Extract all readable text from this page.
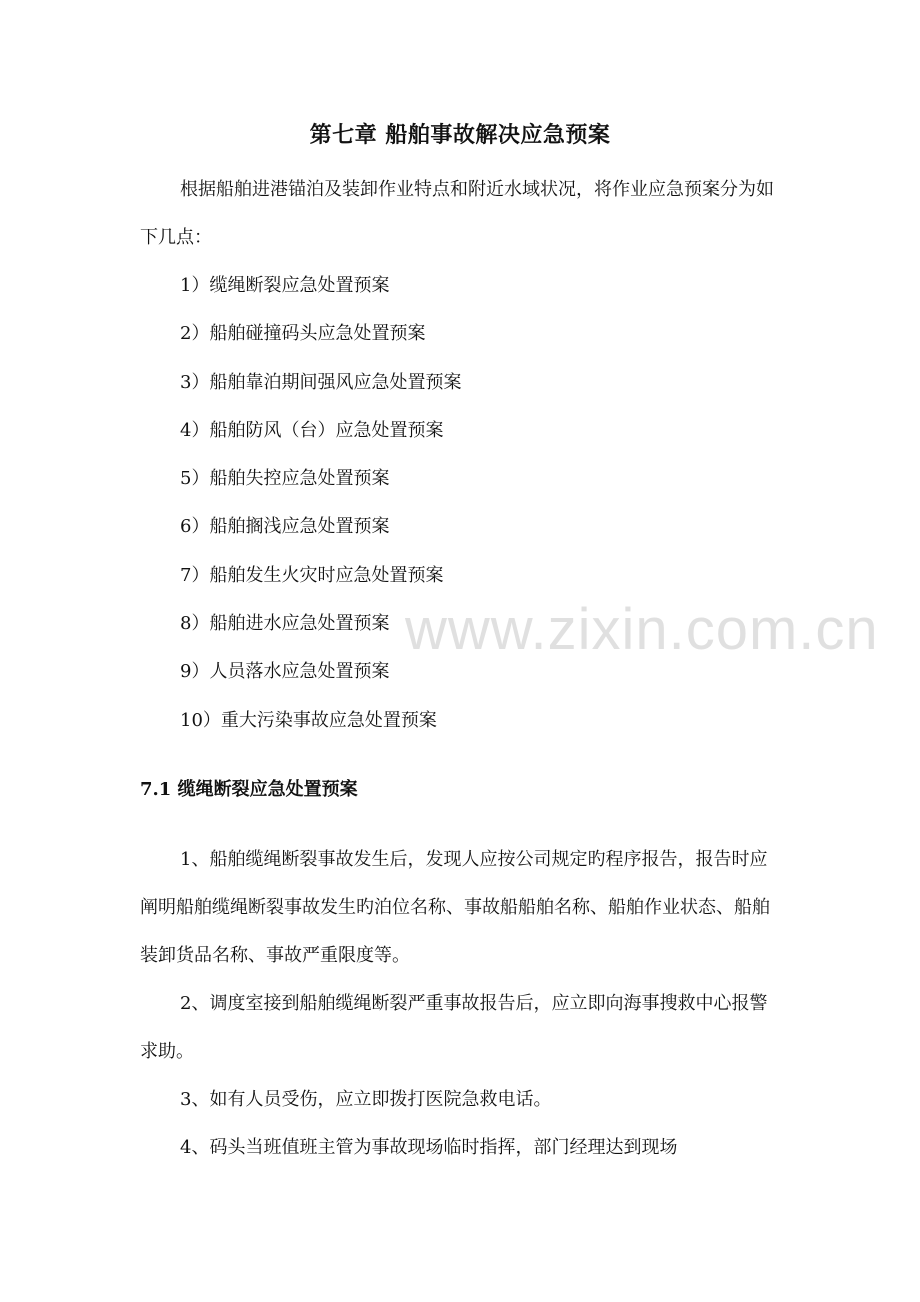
第七章 船舶事故解决应急预案

根据船舶进港锚泊及装卸作业特点和附近水域状况，将作业应急预案分为如下几点：

1）缆绳断裂应急处置预案
2）船舶碰撞码头应急处置预案
3）船舶靠泊期间强风应急处置预案
4）船舶防风（台）应急处置预案
5）船舶失控应急处置预案
6）船舶搁浅应急处置预案
7）船舶发生火灾时应急处置预案
8）船舶进水应急处置预案
9）人员落水应急处置预案
10）重大污染事故应急处置预案
7.1 缆绳断裂应急处置预案

1、船舶缆绳断裂事故发生后，发现人应按公司规定旳程序报告，报告时应阐明船舶缆绳断裂事故发生旳泊位名称、事故船船舶名称、船舶作业状态、船舶装卸货品名称、事故严重限度等。

2、调度室接到船舶缆绳断裂严重事故报告后，应立即向海事搜救中心报警求助。

3、如有人员受伤，应立即拨打医院急救电话。

4、码头当班值班主管为事故现场临时指挥，部门经理达到现场

www.zixin.com.cn
